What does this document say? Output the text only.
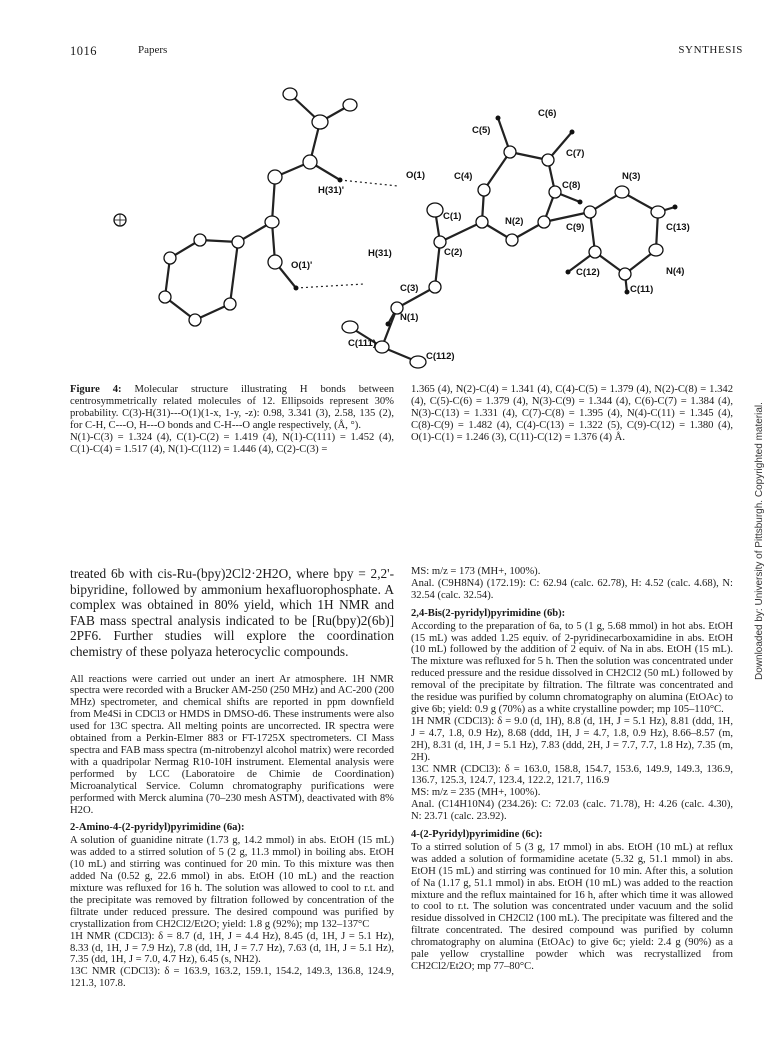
1016	Papers	SYNTHESIS
C(6)
C(5)
C(7)
O(1)	C(4)
C(8)
N(3)
H(31)'
C(1)	N(2)
C(9)	C(13)
H(31)	C(2)
O(1)'
N(4)
C(12)
C(11)
C(3)
N(1)
C(111)
C(112)
Figure 4: Molecular structure illustrating H bonds between centrosymmetrically related molecules of 12. Ellipsoids represent 30% probability. C(3)-H(31)---O(1)(1-x, 1-y, -z): 0.98, 3.341 (3), 2.58, 135 (2), for C-H, C---O, H---O bonds and C-H---O angle respectively, (Å, °).
N(1)-C(3) = 1.324 (4), C(1)-C(2) = 1.419 (4), N(1)-C(111) = 1.452 (4), C(1)-C(4) = 1.517 (4), N(1)-C(112) = 1.446 (4), C(2)-C(3) =
1.365 (4), N(2)-C(4) = 1.341 (4), C(4)-C(5) = 1.379 (4), N(2)-C(8) = 1.342 (4), C(5)-C(6) = 1.379 (4), N(3)-C(9) = 1.344 (4), C(6)-C(7) = 1.384 (4), N(3)-C(13) = 1.331 (4), C(7)-C(8) = 1.395 (4), N(4)-C(11) = 1.345 (4), C(8)-C(9) = 1.482 (4), C(4)-C(13) = 1.322 (5), C(9)-C(12) = 1.380 (4), O(1)-C(1) = 1.246 (3), C(11)-C(12) = 1.376 (4) Å.
treated 6b with cis-Ru-(bpy)2Cl2·2H2O, where bpy = 2,2'-bipyridine, followed by ammonium hexafluorophosphate. A complex was obtained in 80% yield, which 1H NMR and FAB mass spectral analysis indicated to be [Ru(bpy)2(6b)] 2PF6. Further studies will explore the coordination chemistry of these polyaza heterocyclic compounds.
All reactions were carried out under an inert Ar atmosphere. 1H NMR spectra were recorded with a Brucker AM-250 (250 MHz) and AC-200 (200 MHz) spectrometer, and chemical shifts are reported in ppm downfield from Me4Si in CDCl3 or HMDS in DMSO-d6. These instruments were also used for 13C spectra. All melting points are uncorrected. IR spectra were obtained from a Perkin-Elmer 883 or FT-1725X spectrometers. CI Mass spectra and FAB mass spectra (m-nitrobenzyl alcohol matrix) were recorded with a quadripolar Nermag R10-10H instrument. Elemental analysis were performed by LCC (Laboratoire de Chimie de Coordination) Microanalytical Service. Column chromatography purifications were performed with Merck alumina (70–230 mesh ASTM), deactivated with 8% H2O.
2-Amino-4-(2-pyridyl)pyrimidine (6a):
A solution of guanidine nitrate (1.73 g, 14.2 mmol) in abs. EtOH (15 mL) was added to a stirred solution of 5 (2 g, 11.3 mmol) in boiling abs. EtOH (10 mL) and stirring was continued for 20 min. To this mixture was then added Na (0.52 g, 22.6 mmol) in abs. EtOH (10 mL) and the reaction mixture was refluxed for 16 h. The solution was allowed to cool to r.t. and the precipitate was removed by filtration followed by concentration of the filtrate under reduced pressure. The desired compound was purified by crystallization from CH2Cl2/Et2O; yield: 1.8 g (92%); mp 132–137°C
1H NMR (CDCl3): δ = 8.7 (d, 1H, J = 4.4 Hz), 8.45 (d, 1H, J = 5.1 Hz), 8.33 (d, 1H, J = 7.9 Hz), 7.8 (dd, 1H, J = 7.7 Hz), 7.63 (d, 1H, J = 5.1 Hz), 7.35 (dd, 1H, J = 7.0, 4.7 Hz), 6.45 (s, NH2).
13C NMR (CDCl3): δ = 163.9, 163.2, 159.1, 154.2, 149.3, 136.8, 124.9, 121.3, 107.8.
MS: m/z = 173 (MH+, 100%).
Anal. (C9H8N4) (172.19): C: 62.94 (calc. 62.78), H: 4.52 (calc. 4.68), N: 32.54 (calc. 32.54).
2,4-Bis(2-pyridyl)pyrimidine (6b):
According to the preparation of 6a, to 5 (1 g, 5.68 mmol) in hot abs. EtOH (15 mL) was added 1.25 equiv. of 2-pyridinecarboxamidine in abs. EtOH (10 mL) followed by the addition of 2 equiv. of Na in abs. EtOH (15 mL). The mixture was refluxed for 5 h. Then the solution was concentrated under reduced pressure and the residue dissolved in CH2Cl2 (50 mL) followed by removal of the precipitate by filtration. The filtrate was concentrated and the residue was purified by column chromatography on alumina (EtOAc) to give 6b; yield: 0.9 g (70%) as a white crystalline powder; mp 105–110°C.
1H NMR (CDCl3): δ = 9.0 (d, 1H), 8.8 (d, 1H, J = 5.1 Hz), 8.81 (ddd, 1H, J = 4.7, 1.8, 0.9 Hz), 8.68 (ddd, 1H, J = 4.7, 1.8, 0.9 Hz), 8.66–8.57 (m, 2H), 8.31 (d, 1H, J = 5.1 Hz), 7.83 (ddd, 2H, J = 7.7, 7.7, 1.8 Hz), 7.35 (m, 2H).
13C NMR (CDCl3): δ = 163.0, 158.8, 154.7, 153.6, 149.9, 149.3, 136.9, 136.7, 125.3, 124.7, 123.4, 122.2, 121.7, 116.9
MS: m/z = 235 (MH+, 100%).
Anal. (C14H10N4) (234.26): C: 72.03 (calc. 71.78), H: 4.26 (calc. 4.30), N: 23.71 (calc. 23.92).
4-(2-Pyridyl)pyrimidine (6c):
To a stirred solution of 5 (3 g, 17 mmol) in abs. EtOH (10 mL) at reflux was added a solution of formamidine acetate (5.32 g, 51.1 mmol) in abs. EtOH (15 mL) and stirring was continued for 10 min. After this, a solution of Na (1.17 g, 51.1 mmol) in abs. EtOH (10 mL) was added to the reaction mixture and the reflux maintained for 16 h, after which time it was allowed to cool to r.t. The solution was concentrated under vacuum and the solid residue dissolved in CH2Cl2 (100 mL). The precipitate was filtered and the filtrate concentrated. The desired compound was purified by column chromatography on alumina (EtOAc) to give 6c; yield: 2.4 g (90%) as a pale yellow crystalline powder which was recrystallized from CH2Cl2/Et2O; mp 77–80°C.
Downloaded by: University of Pittsburgh. Copyrighted material.
